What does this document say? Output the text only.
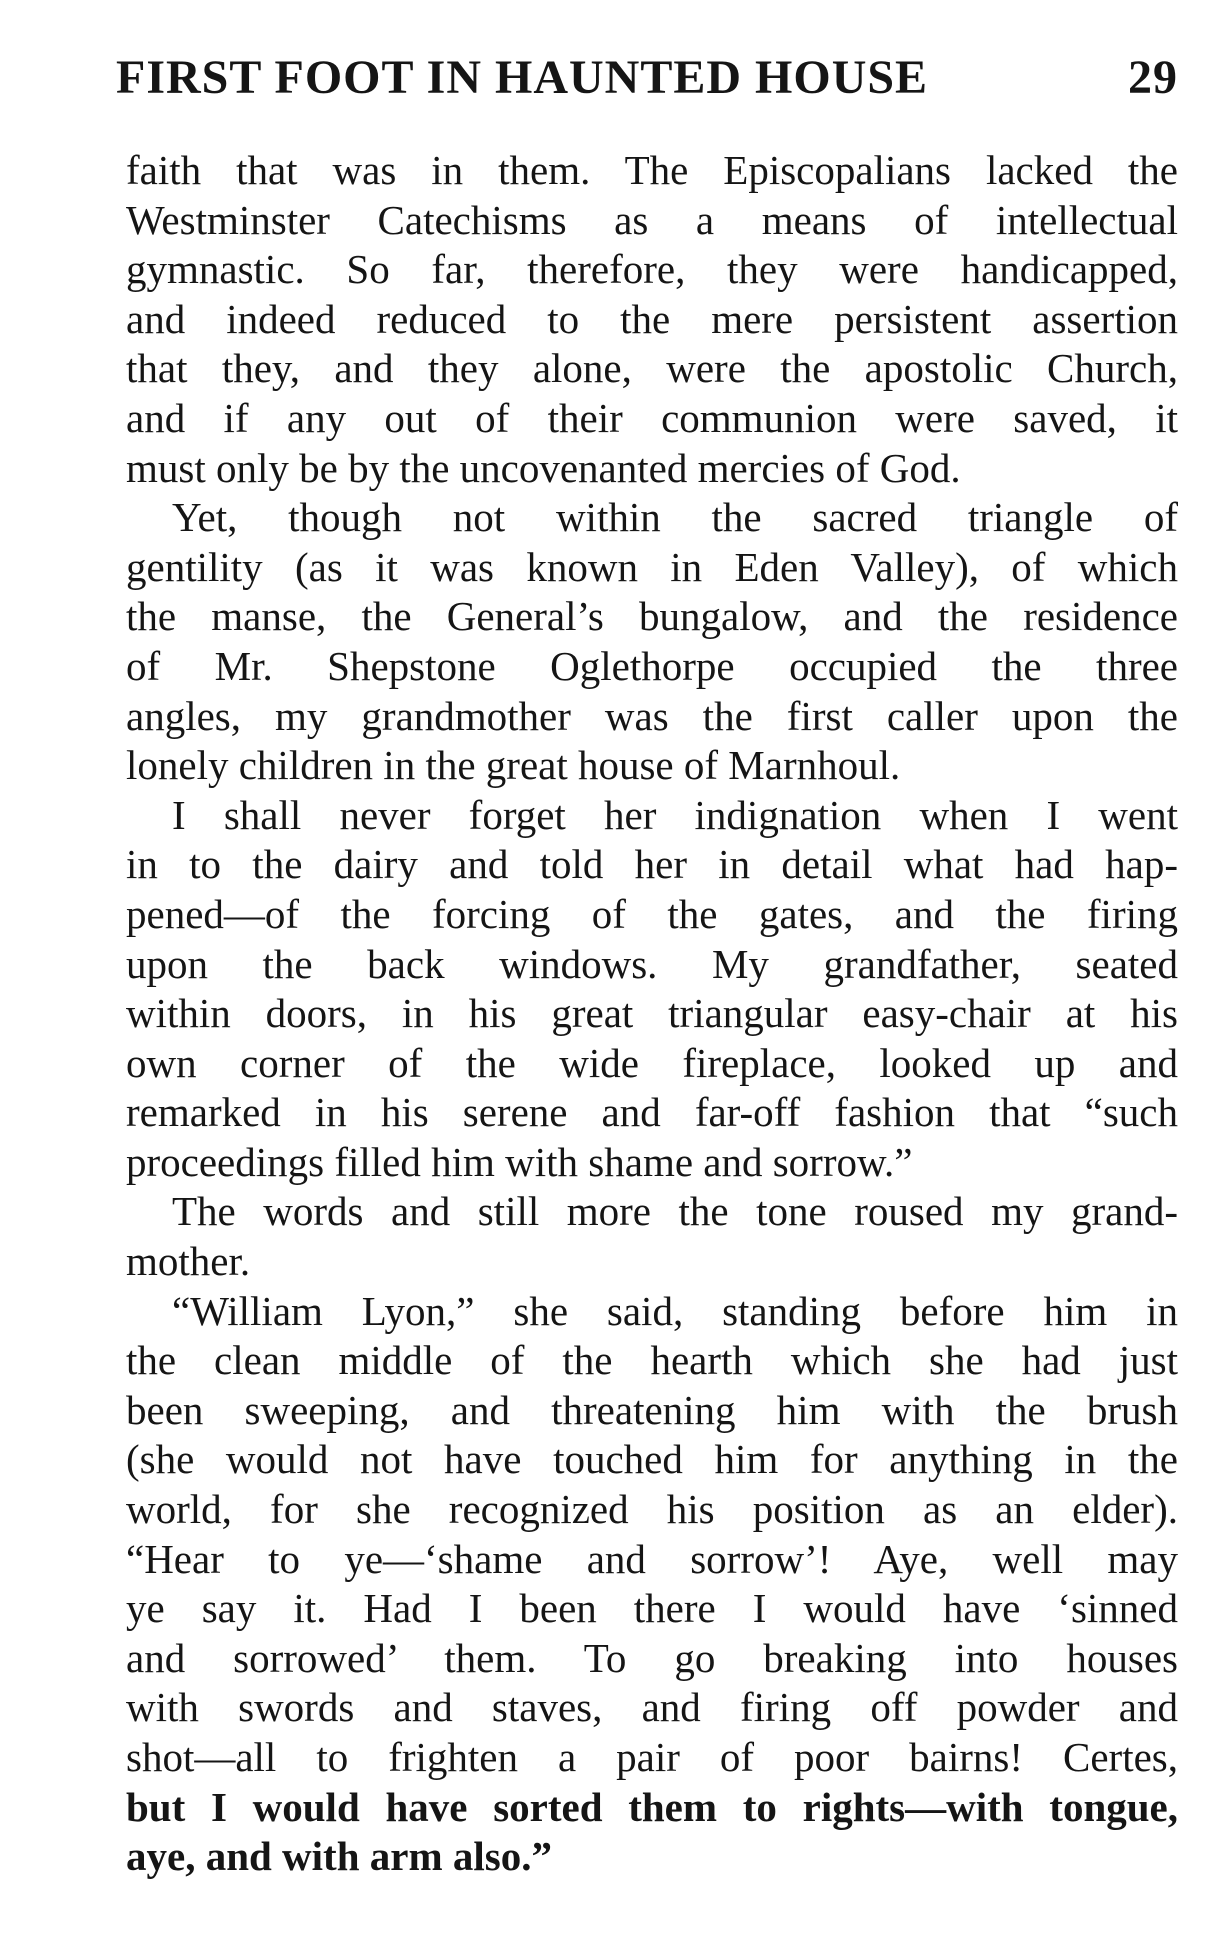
FIRST FOOT IN HAUNTED HOUSE	29
faith that was in them. The Episcopalians lacked the
Westminster Catechisms as a means of intellectual
gymnastic. So far, therefore, they were handicapped,
and indeed reduced to the mere persistent assertion
that they, and they alone, were the apostolic Church,
and if any out of their communion were saved, it
must only be by the uncovenanted mercies of God.
Yet, though not within the sacred triangle of
gentility (as it was known in Eden Valley), of which
the manse, the General’s bungalow, and the residence
of Mr. Shepstone Oglethorpe occupied the three
angles, my grandmother was the first caller upon the
lonely children in the great house of Marnhoul.
I shall never forget her indignation when I went
in to the dairy and told her in detail what had hap-
pened—of the forcing of the gates, and the firing
upon the back windows. My grandfather, seated
within doors, in his great triangular easy-chair at his
own corner of the wide fireplace, looked up and
remarked in his serene and far-off fashion that “such
proceedings filled him with shame and sorrow.”
The words and still more the tone roused my grand-
mother.
“William Lyon,” she said, standing before him in
the clean middle of the hearth which she had just
been sweeping, and threatening him with the brush
(she would not have touched him for anything in the
world, for she recognized his position as an elder).
“Hear to ye—‘shame and sorrow’! Aye, well may
ye say it. Had I been there I would have ‘sinned
and sorrowed’ them. To go breaking into houses
with swords and staves, and firing off powder and
shot—all to frighten a pair of poor bairns! Certes,
but I would have sorted them to rights—with tongue,
aye, and with arm also.”
